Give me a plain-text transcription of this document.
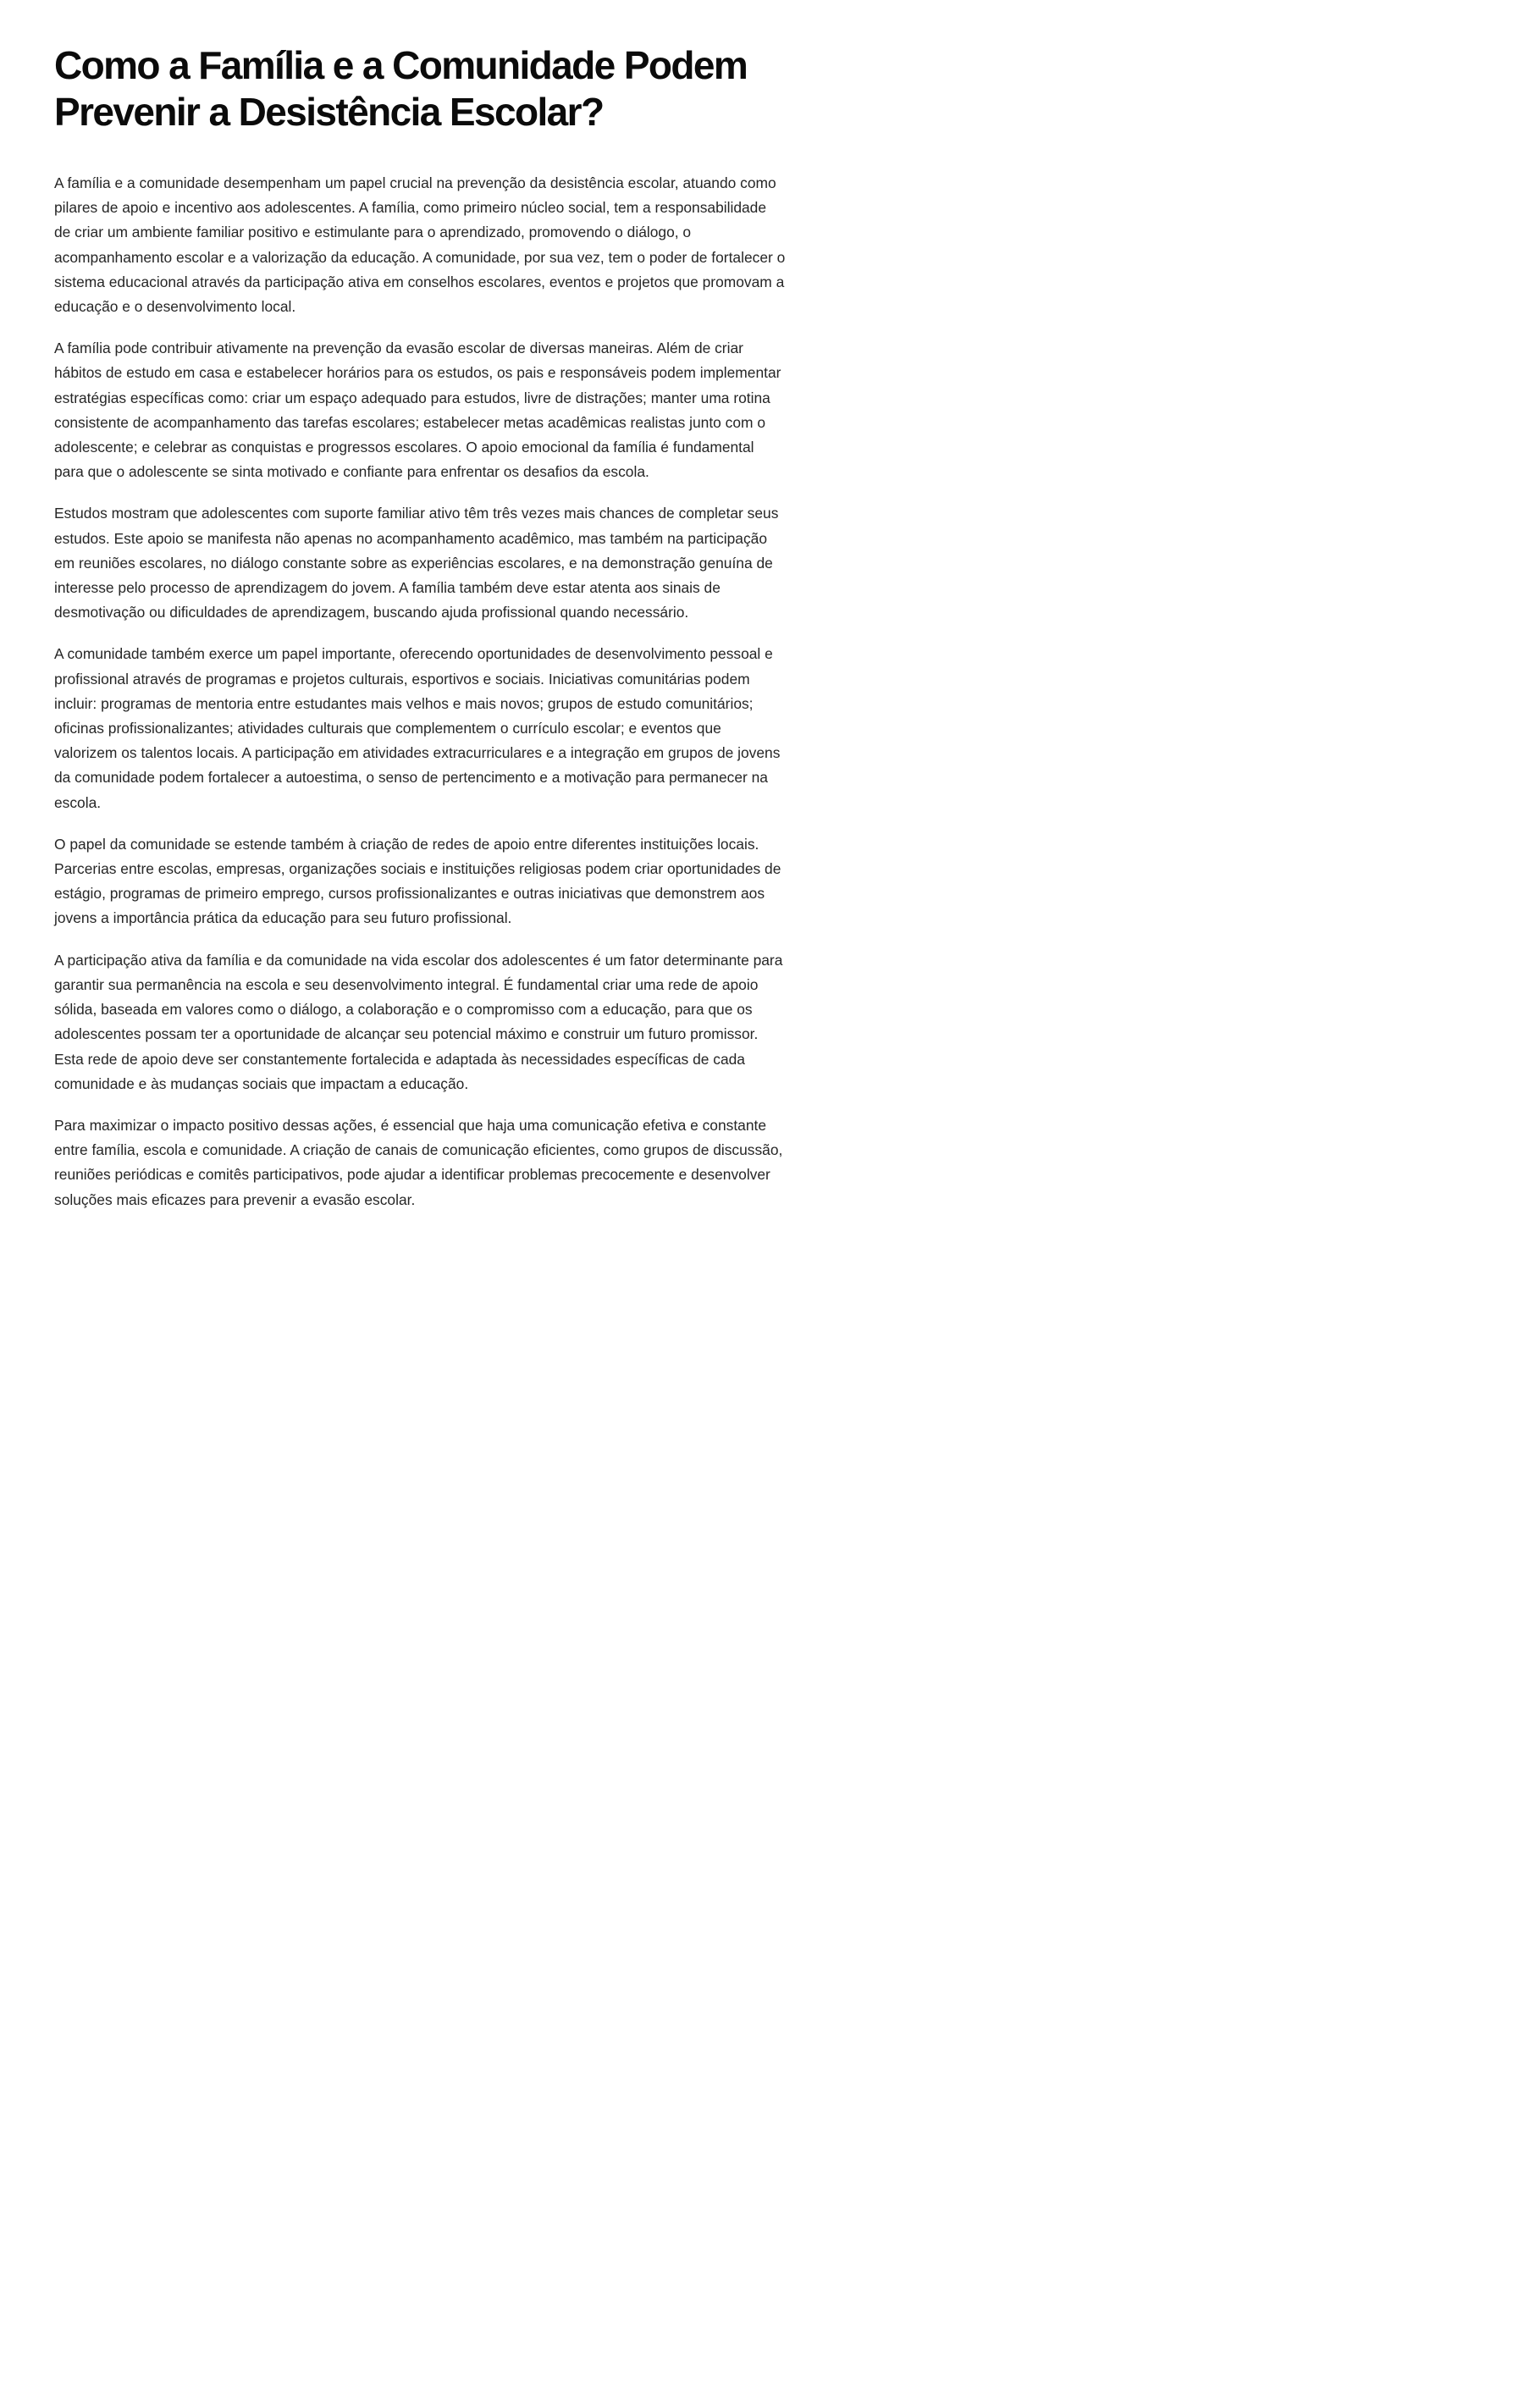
Como a Família e a Comunidade Podem Prevenir a Desistência Escolar?

A família e a comunidade desempenham um papel crucial na prevenção da desistência escolar, atuando como pilares de apoio e incentivo aos adolescentes. A família, como primeiro núcleo social, tem a responsabilidade de criar um ambiente familiar positivo e estimulante para o aprendizado, promovendo o diálogo, o acompanhamento escolar e a valorização da educação. A comunidade, por sua vez, tem o poder de fortalecer o sistema educacional através da participação ativa em conselhos escolares, eventos e projetos que promovam a educação e o desenvolvimento local.

A família pode contribuir ativamente na prevenção da evasão escolar de diversas maneiras. Além de criar hábitos de estudo em casa e estabelecer horários para os estudos, os pais e responsáveis podem implementar estratégias específicas como: criar um espaço adequado para estudos, livre de distrações; manter uma rotina consistente de acompanhamento das tarefas escolares; estabelecer metas acadêmicas realistas junto com o adolescente; e celebrar as conquistas e progressos escolares. O apoio emocional da família é fundamental para que o adolescente se sinta motivado e confiante para enfrentar os desafios da escola.

Estudos mostram que adolescentes com suporte familiar ativo têm três vezes mais chances de completar seus estudos. Este apoio se manifesta não apenas no acompanhamento acadêmico, mas também na participação em reuniões escolares, no diálogo constante sobre as experiências escolares, e na demonstração genuína de interesse pelo processo de aprendizagem do jovem. A família também deve estar atenta aos sinais de desmotivação ou dificuldades de aprendizagem, buscando ajuda profissional quando necessário.

A comunidade também exerce um papel importante, oferecendo oportunidades de desenvolvimento pessoal e profissional através de programas e projetos culturais, esportivos e sociais. Iniciativas comunitárias podem incluir: programas de mentoria entre estudantes mais velhos e mais novos; grupos de estudo comunitários; oficinas profissionalizantes; atividades culturais que complementem o currículo escolar; e eventos que valorizem os talentos locais. A participação em atividades extracurriculares e a integração em grupos de jovens da comunidade podem fortalecer a autoestima, o senso de pertencimento e a motivação para permanecer na escola.

O papel da comunidade se estende também à criação de redes de apoio entre diferentes instituições locais. Parcerias entre escolas, empresas, organizações sociais e instituições religiosas podem criar oportunidades de estágio, programas de primeiro emprego, cursos profissionalizantes e outras iniciativas que demonstrem aos jovens a importância prática da educação para seu futuro profissional.

A participação ativa da família e da comunidade na vida escolar dos adolescentes é um fator determinante para garantir sua permanência na escola e seu desenvolvimento integral. É fundamental criar uma rede de apoio sólida, baseada em valores como o diálogo, a colaboração e o compromisso com a educação, para que os adolescentes possam ter a oportunidade de alcançar seu potencial máximo e construir um futuro promissor. Esta rede de apoio deve ser constantemente fortalecida e adaptada às necessidades específicas de cada comunidade e às mudanças sociais que impactam a educação.

Para maximizar o impacto positivo dessas ações, é essencial que haja uma comunicação efetiva e constante entre família, escola e comunidade. A criação de canais de comunicação eficientes, como grupos de discussão, reuniões periódicas e comitês participativos, pode ajudar a identificar problemas precocemente e desenvolver soluções mais eficazes para prevenir a evasão escolar.
